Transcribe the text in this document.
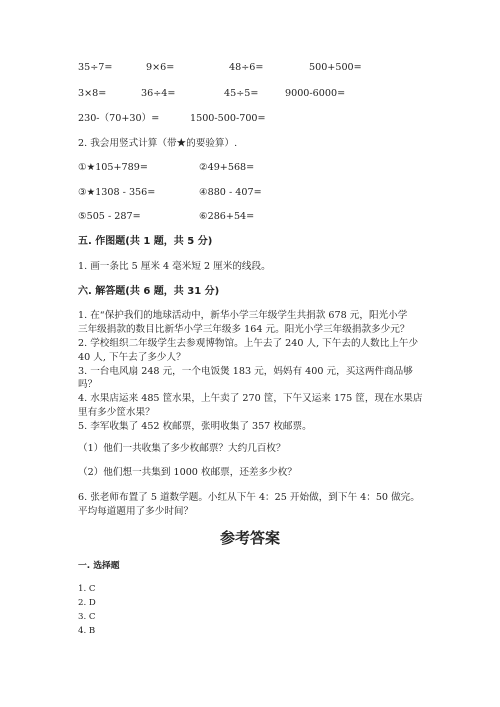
35÷7=	9×6=	48÷6=	500+500=
3×8=	36÷4=	45÷5=	9000-6000=
230-（70+30）=	1500-500-700=
2. 我会用竖式计算（带★的要验算）.
①★105+789=	②49+568=
③★1308 - 356=	④880 - 407=
⑤505 - 287=	⑥286+54=
五. 作图题(共 1 题，共 5 分)
1. 画一条比 5 厘米 4 毫米短 2 厘米的线段。
六. 解答题(共 6 题，共 31 分)
1. 在“保护我们的地球活动中，新华小学三年级学生共捐款 678 元，阳光小学
三年级捐款的数目比新华小学三年级多 164 元。阳光小学三年级捐款多少元？
2. 学校组织二年级学生去参观博物馆。上午去了 240 人, 下午去的人数比上午少
40 人, 下午去了多少人？
3. 一台电风扇 248 元，一个电饭煲 183 元，妈妈有 400 元，买这两件商品够
吗？
4. 水果店运来 485 筐水果，上午卖了 270 筐，下午又运来 175 筐，现在水果店
里有多少筐水果？
5. 李军收集了 452 枚邮票，张明收集了 357 枚邮票。
（1）他们一共收集了多少枚邮票？大约几百枚？
（2）他们想一共集到 1000 枚邮票，还差多少枚？
6. 张老师布置了 5 道数学题。小红从下午 4：25 开始做，到下午 4：50 做完。
平均每道题用了多少时间？
参考答案
一. 选择题
1. C
2. D
3. C
4. B
